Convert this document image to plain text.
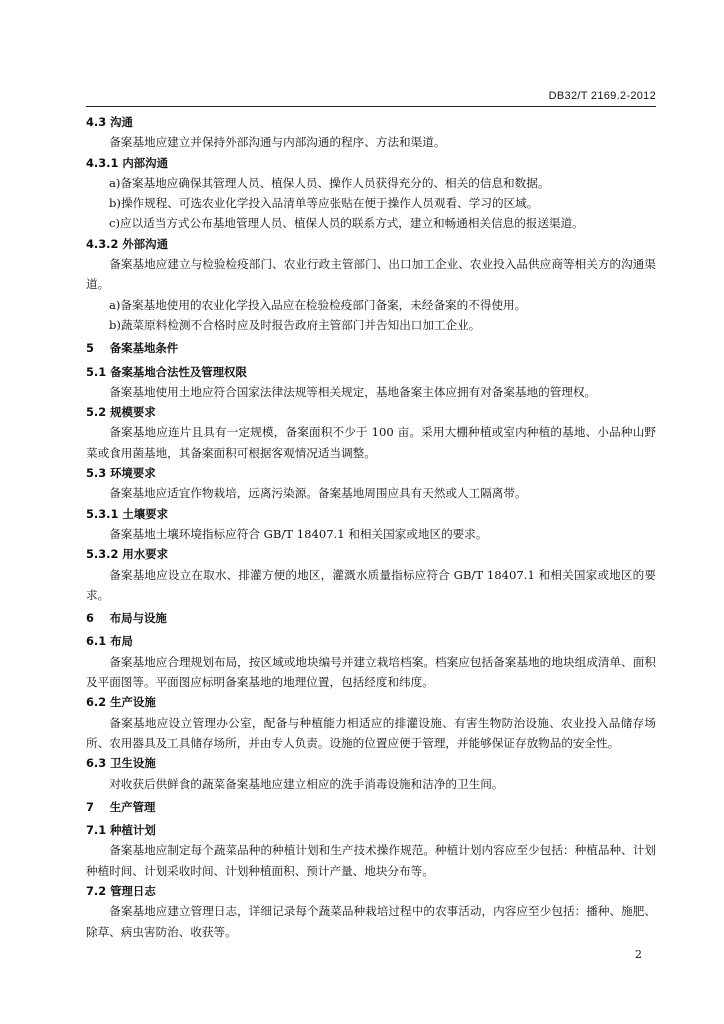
DB32/T 2169.2-2012
4.3 沟通
备案基地应建立并保持外部沟通与内部沟通的程序、方法和渠道。
4.3.1 内部沟通
a)备案基地应确保其管理人员、植保人员、操作人员获得充分的、相关的信息和数据。
b)操作规程、可选农业化学投入品清单等应张贴在便于操作人员观看、学习的区域。
c)应以适当方式公布基地管理人员、植保人员的联系方式，建立和畅通相关信息的报送渠道。
4.3.2 外部沟通
备案基地应建立与检验检疫部门、农业行政主管部门、出口加工企业、农业投入品供应商等相关方的沟通渠道。
a)备案基地使用的农业化学投入品应在检验检疫部门备案，未经备案的不得使用。
b)蔬菜原料检测不合格时应及时报告政府主管部门并告知出口加工企业。
5    备案基地条件
5.1 备案基地合法性及管理权限
备案基地使用土地应符合国家法律法规等相关规定，基地备案主体应拥有对备案基地的管理权。
5.2 规模要求
备案基地应连片且具有一定规模，备案面积不少于 100 亩。采用大棚种植或室内种植的基地、小品种山野菜或食用菌基地，其备案面积可根据客观情况适当调整。
5.3 环境要求
备案基地应适宜作物栽培，远离污染源。备案基地周围应具有天然或人工隔离带。
5.3.1 土壤要求
备案基地土壤环境指标应符合 GB/T 18407.1 和相关国家或地区的要求。
5.3.2 用水要求
备案基地应设立在取水、排灌方便的地区，灌溉水质量指标应符合 GB/T 18407.1 和相关国家或地区的要求。
6    布局与设施
6.1 布局
备案基地应合理规划布局，按区域或地块编号并建立栽培档案。档案应包括备案基地的地块组成清单、面积及平面图等。平面图应标明备案基地的地理位置，包括经度和纬度。
6.2 生产设施
备案基地应设立管理办公室，配备与种植能力相适应的排灌设施、有害生物防治设施、农业投入品储存场所、农用器具及工具储存场所，并由专人负责。设施的位置应便于管理，并能够保证存放物品的安全性。
6.3 卫生设施
对收获后供鲜食的蔬菜备案基地应建立相应的洗手消毒设施和洁净的卫生间。
7    生产管理
7.1 种植计划
备案基地应制定每个蔬菜品种的种植计划和生产技术操作规范。种植计划内容应至少包括：种植品种、计划种植时间、计划采收时间、计划种植面积、预计产量、地块分布等。
7.2 管理日志
备案基地应建立管理日志，详细记录每个蔬菜品种栽培过程中的农事活动，内容应至少包括：播种、施肥、除草、病虫害防治、收获等。
2
